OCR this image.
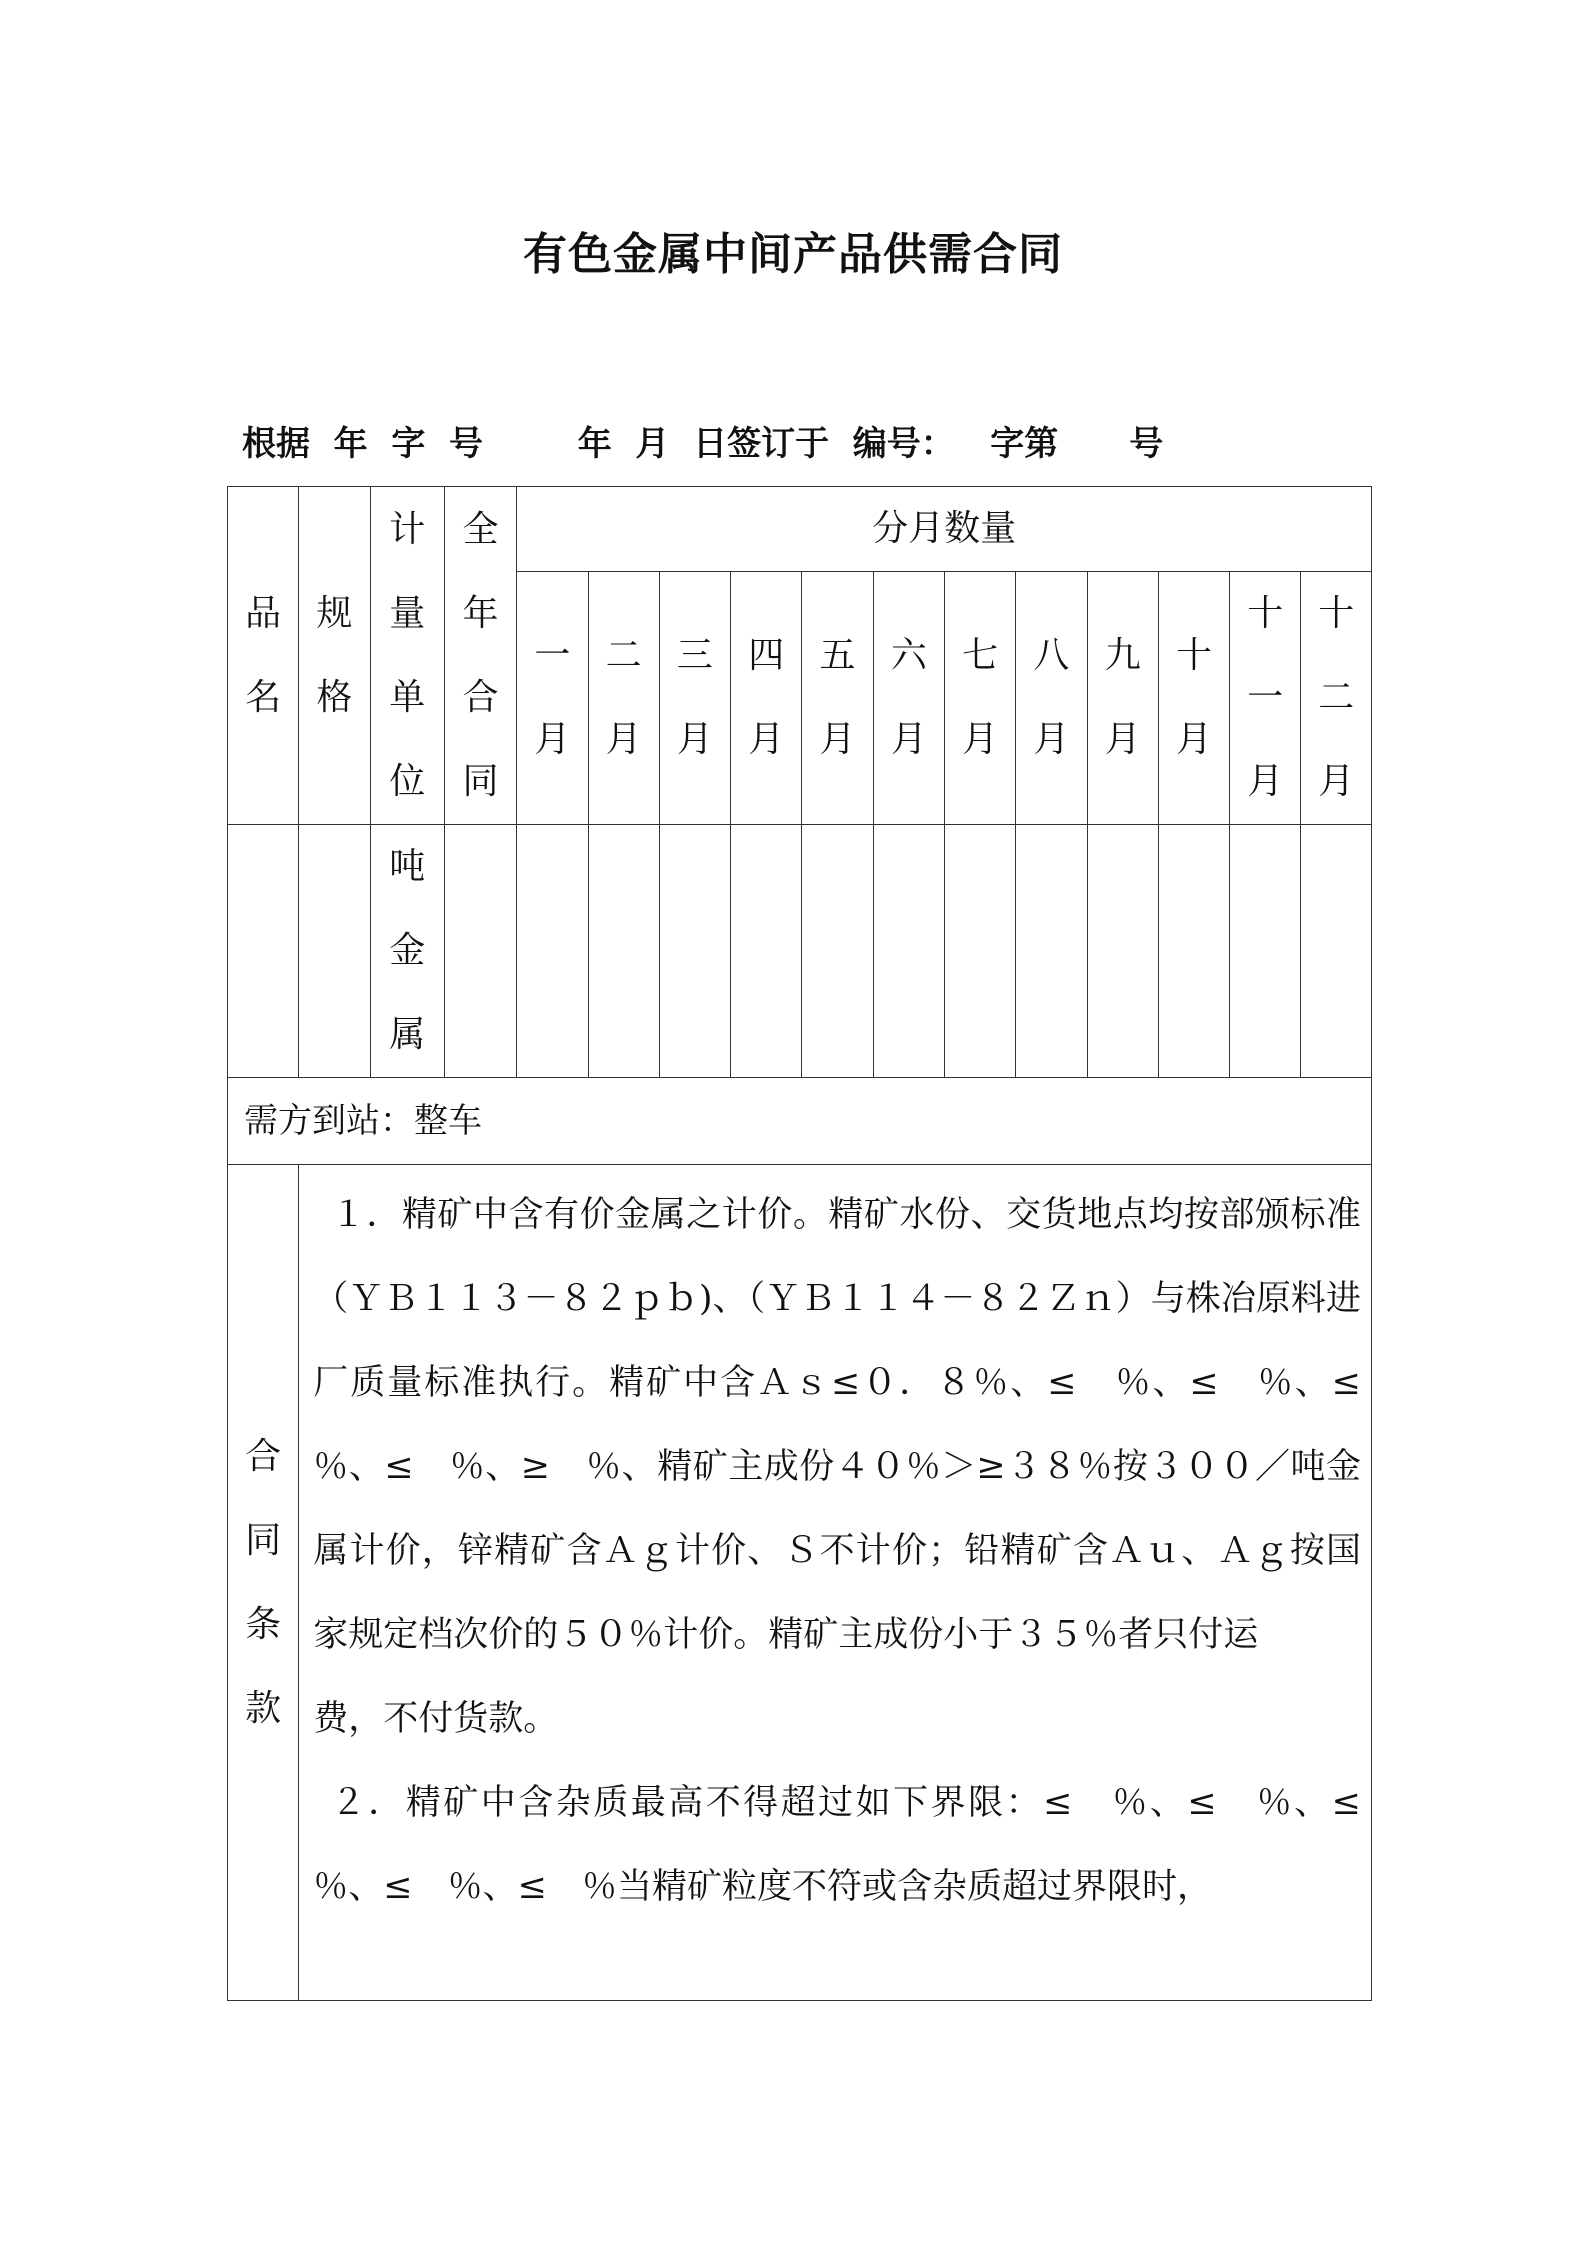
有色金属中间产品供需合同
根据  年  字  号        年  月  日签订于  编号：   字第      号
品名	规格	计量单位	全年合同	分月数量											
				一月	二月	三月	四月	五月	六月	七月	八月	九月	十月	十一月	十二月
		吨金属													
需方到站：整车															
合同条款	１．精矿中含有价金属之计价。精矿水份、交货地点均按部颁标准（ＹＢ１１３－８２ｐｂ)、（ＹＢ１１４－８２Ｚｎ）与株冶原料进厂质量标准执行。精矿中含Ａｓ≤０．８％、≤　％、≤　％、≤ ％、≤　％、≥　％、精矿主成份４０％＞≥３８％按３００／吨金属计价，锌精矿含Ａｇ计价、Ｓ不计价；铅精矿含Ａｕ、Ａｇ按国家规定档次价的５０％计价。精矿主成份小于３５％者只付运

费，不付货款。

２．精矿中含杂质最高不得超过如下界限：≤　％、≤　％、≤　％、≤　％、≤　％当精矿粒度不符或含杂质超过界限时，														
